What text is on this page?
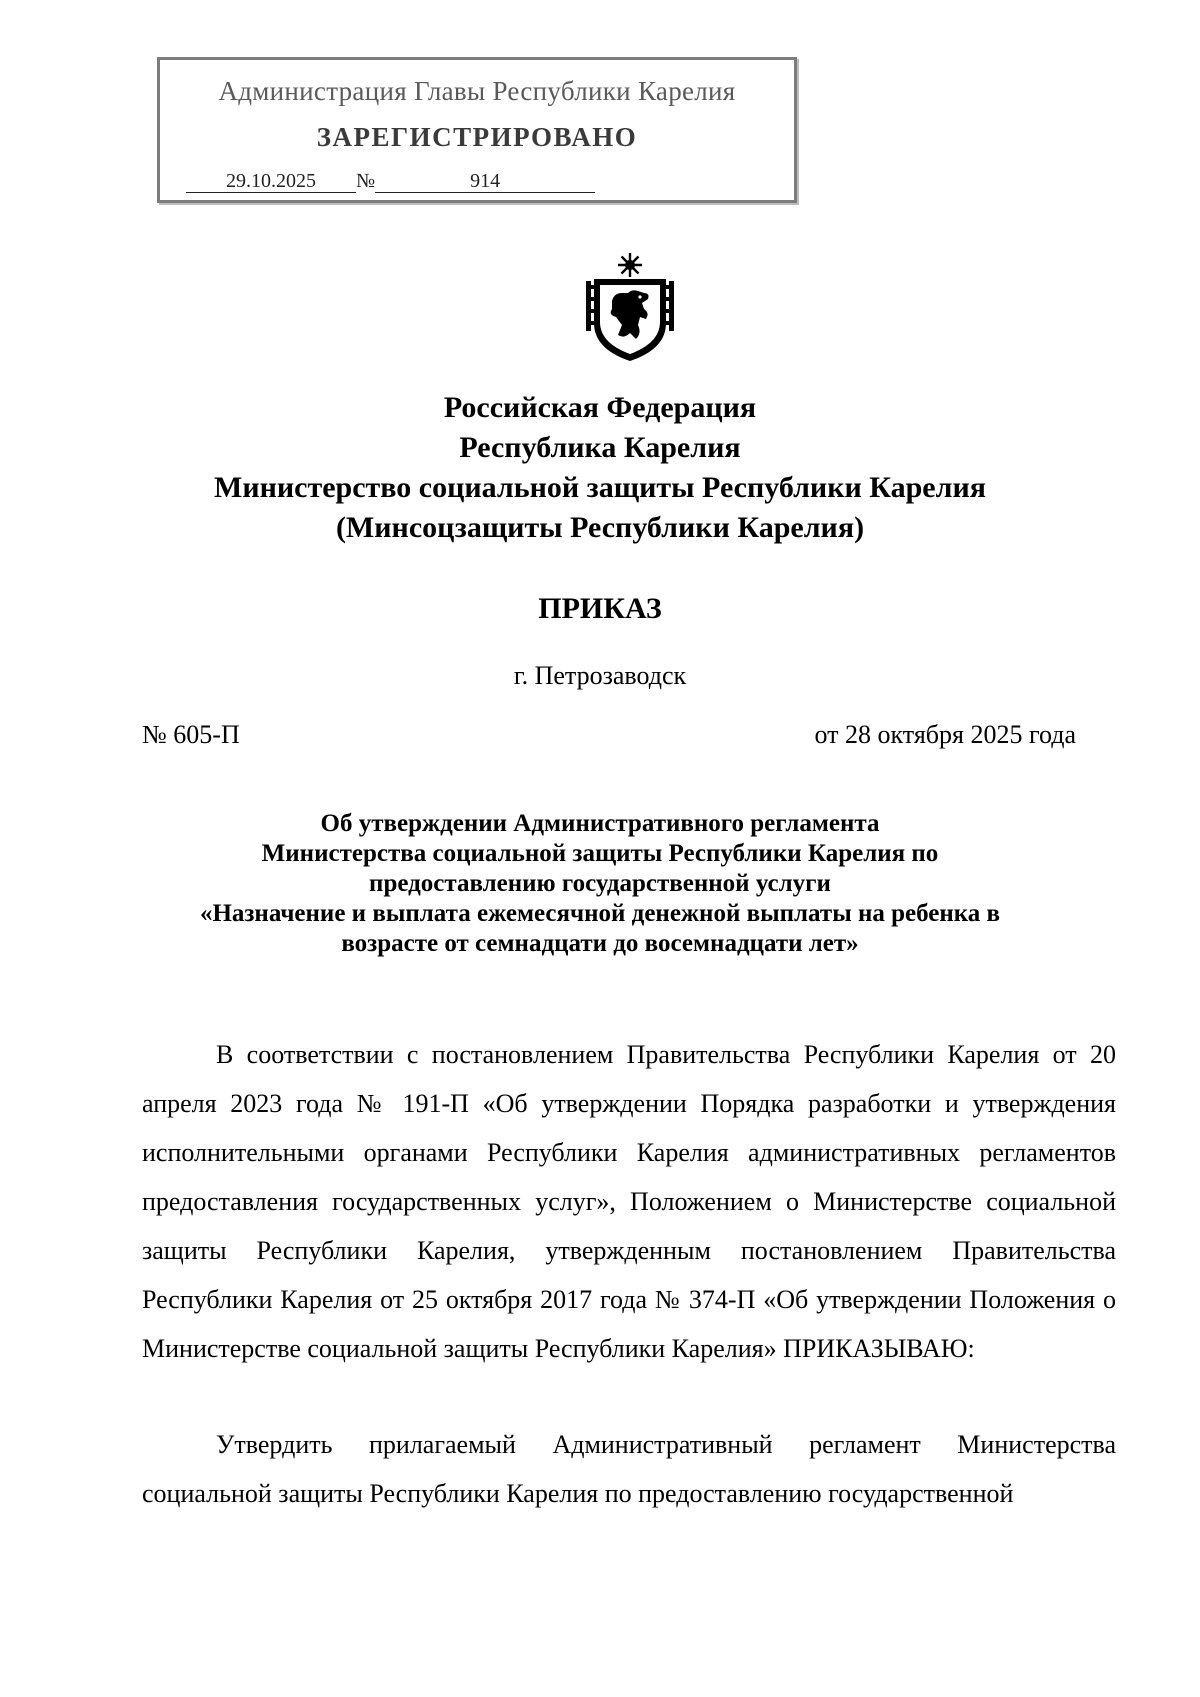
Администрация Главы Республики Карелия
ЗАРЕГИСТРИРОВАНО
29.10.2025 №	914
Российская Федерация
Республика Карелия
Министерство социальной защиты Республики Карелия
(Минсоцзащиты Республики Карелия)
ПРИКАЗ
г. Петрозаводск
№ 605-П	от 28 октября 2025 года
Об утверждении Административного регламента
Министерства социальной защиты Республики Карелия по
предоставлению государственной услуги
«Назначение и выплата ежемесячной денежной выплаты на ребенка в
возрасте от семнадцати до восемнадцати лет»

В соответствии с постановлением Правительства Республики Карелия от 20 апреля 2023 года № 191-П «Об утверждении Порядка разработки и утверждения исполнительными органами Республики Карелия административных регламентов предоставления государственных услуг», Положением о Министерстве социальной защиты Республики Карелия, утвержденным постановлением Правительства Республики Карелия от 25 октября 2017 года № 374-П «Об утверждении Положения о Министерстве социальной защиты Республики Карелия» ПРИКАЗЫВАЮ:

Утвердить прилагаемый Административный регламент Министерства социальной защиты Республики Карелия по предоставлению государственной
